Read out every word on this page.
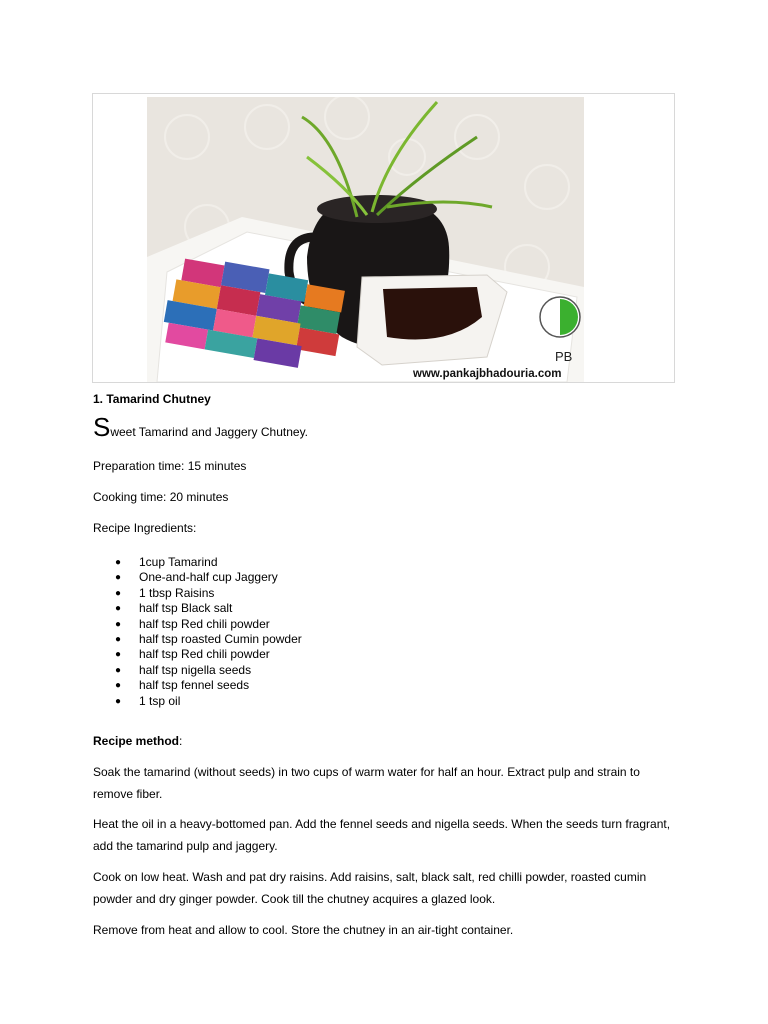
PB
www.pankajbhadouria.com
1. Tamarind Chutney
Sweet Tamarind and Jaggery Chutney.
Preparation time: 15 minutes
Cooking time: 20 minutes
Recipe Ingredients:
● 1cup Tamarind
● One-and-half cup Jaggery
● 1 tbsp Raisins
● half tsp Black salt
● half tsp Red chili powder
● half tsp roasted Cumin powder
● half tsp Red chili powder
● half tsp nigella seeds
● half tsp fennel seeds
● 1 tsp oil
Recipe method:
Soak the tamarind (without seeds) in two cups of warm water for half an hour. Extract pulp and strain to remove fiber.
Heat the oil in a heavy-bottomed pan. Add the fennel seeds and nigella seeds. When the seeds turn fragrant, add the tamarind pulp and jaggery.
Cook on low heat. Wash and pat dry raisins. Add raisins, salt, black salt, red chilli powder, roasted cumin powder and dry ginger powder. Cook till the chutney acquires a glazed look.
Remove from heat and allow to cool. Store the chutney in an air-tight container.
